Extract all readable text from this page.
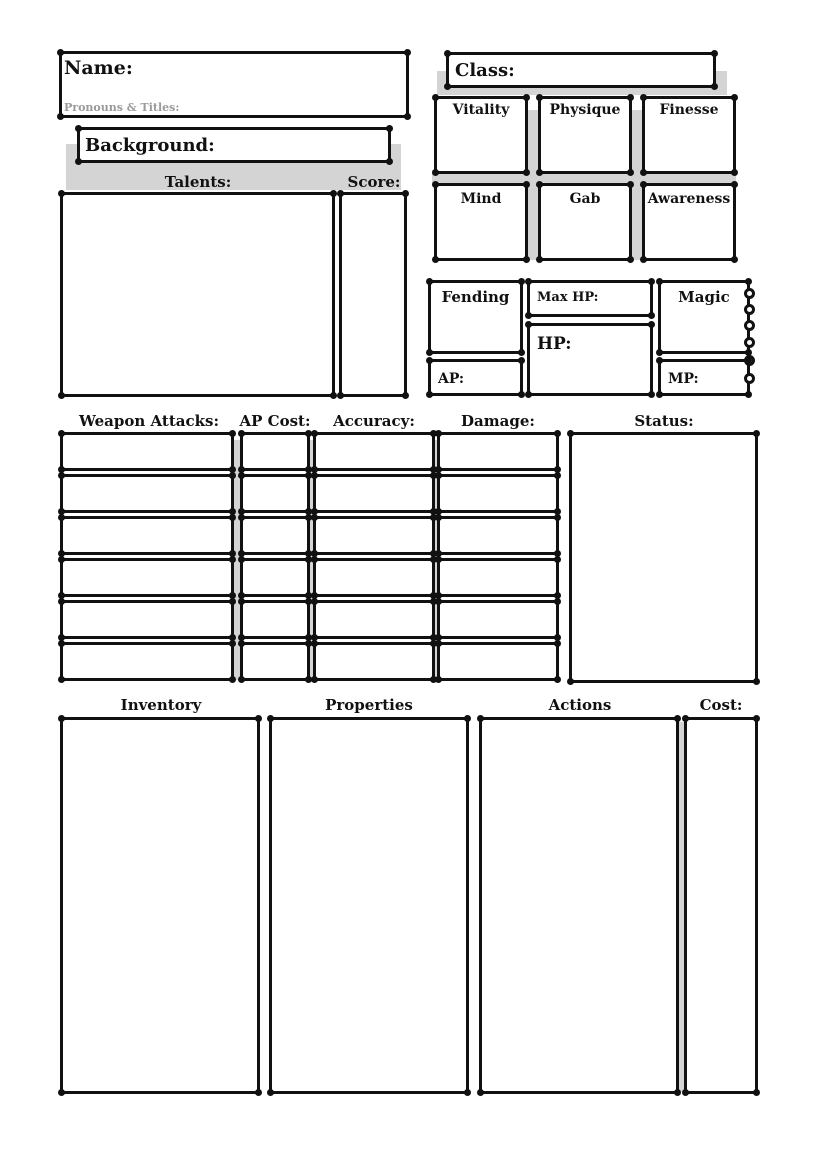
Name:
Pronouns & Titles:
Class:
Background:
Talents:	Score:
Vitality	Physique	Finesse
Mind	Gab	Awareness
Fending
AP:
Max HP:
HP:
Magic
MP:
Weapon Attacks:	AP Cost:	Accuracy:	Damage:	Status:
Inventory	Properties	Actions	Cost:
